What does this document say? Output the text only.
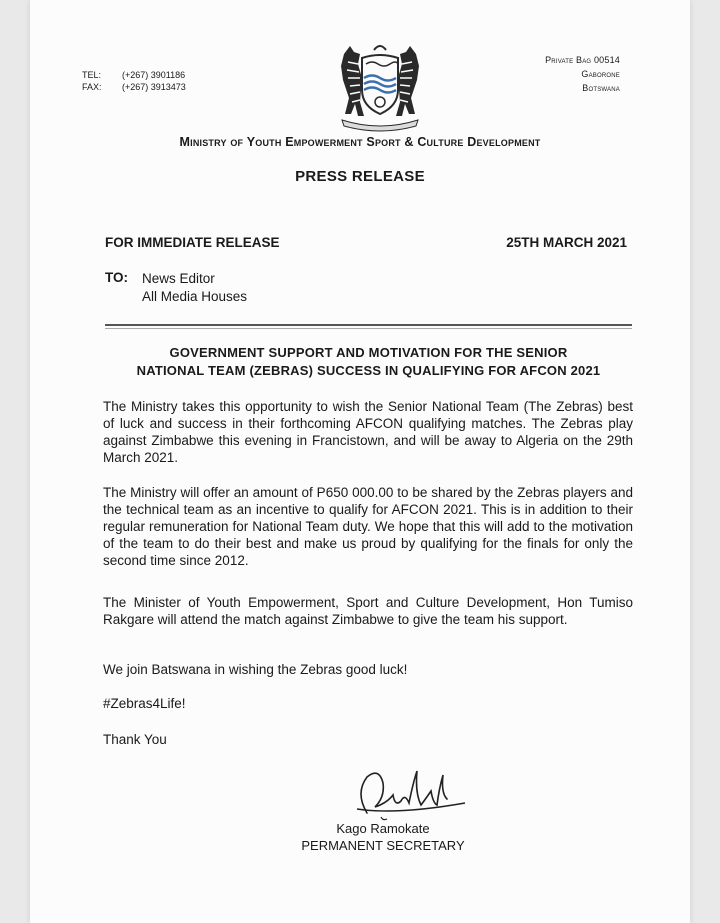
TEL: (+267) 3901186
FAX: (+267) 3913473
Private Bag 00514
Gaborone
Botswana
Ministry of Youth Empowerment Sport & Culture Development
PRESS RELEASE
FOR IMMEDIATE RELEASE	25TH MARCH 2021
TO: News Editor
All Media Houses
GOVERNMENT SUPPORT AND MOTIVATION FOR THE SENIOR
NATIONAL TEAM (ZEBRAS) SUCCESS IN QUALIFYING FOR AFCON 2021
The Ministry takes this opportunity to wish the Senior National Team (The Zebras) best of luck and success in their forthcoming AFCON qualifying matches. The Zebras play against Zimbabwe this evening in Francistown, and will be away to Algeria on the 29th March 2021.
The Ministry will offer an amount of P650 000.00 to be shared by the Zebras players and the technical team as an incentive to qualify for AFCON 2021. This is in addition to their regular remuneration for National Team duty. We hope that this will add to the motivation of the team to do their best and make us proud by qualifying for the finals for only the second time since 2012.
The Minister of Youth Empowerment, Sport and Culture Development, Hon Tumiso Rakgare will attend the match against Zimbabwe to give the team his support.
We join Batswana in wishing the Zebras good luck!
#Zebras4Life!
Thank You
Kago Ramokate
PERMANENT SECRETARY
